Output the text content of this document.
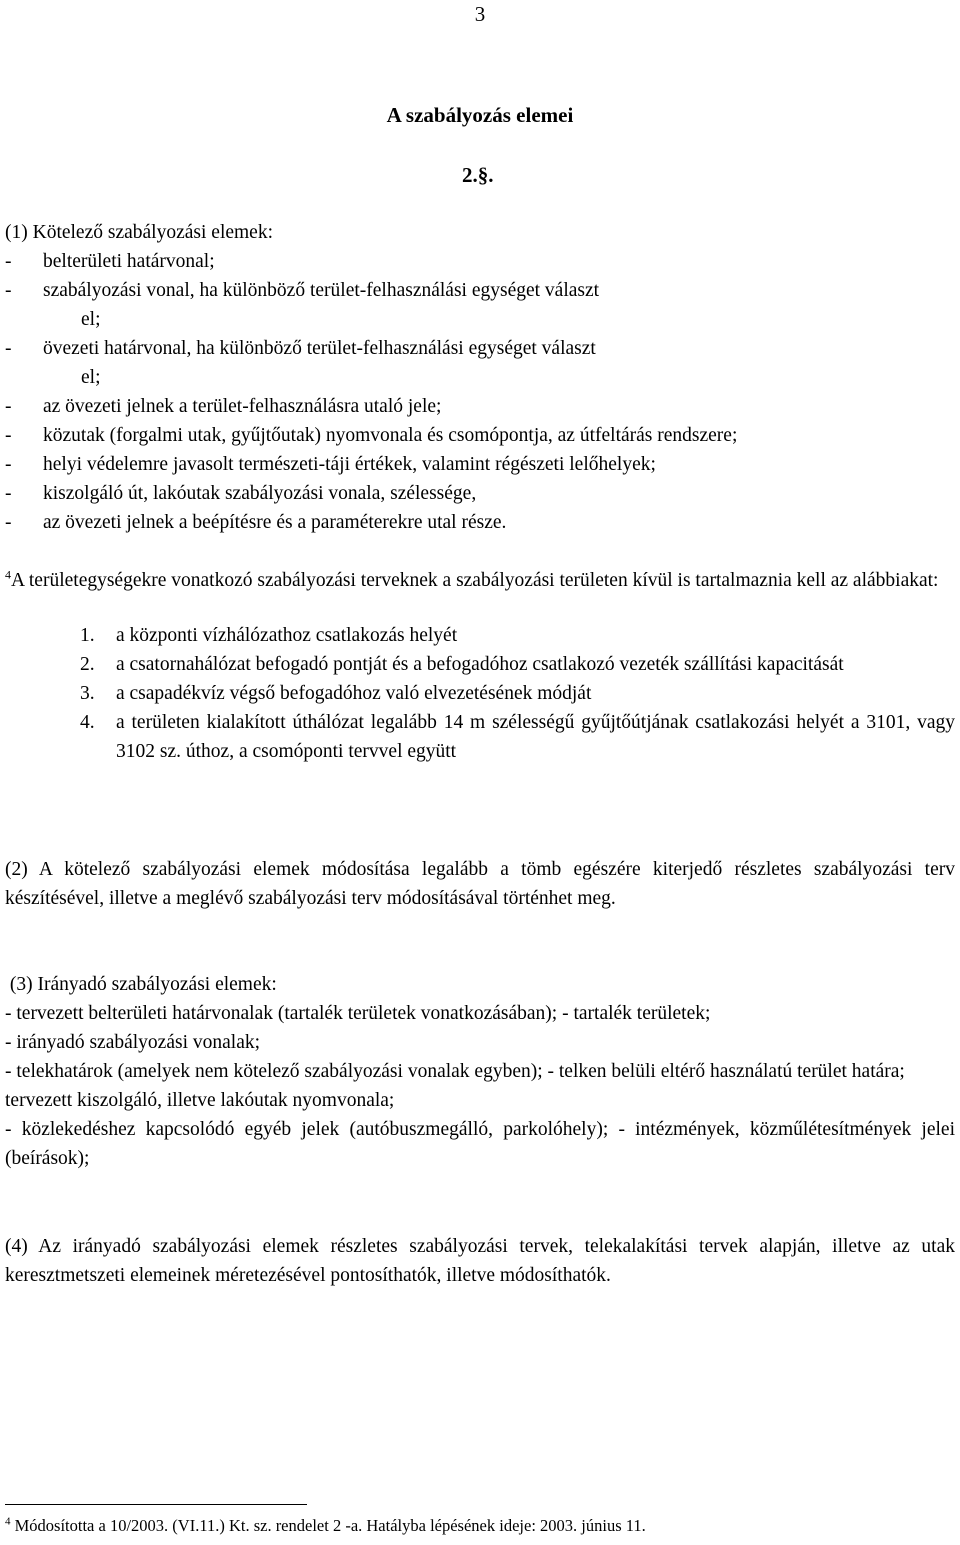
3
A szabályozás elemei
2.§.
(1) Kötelező szabályozási elemek:
-	belterületi határvonal;
-	szabályozási vonal, ha különböző terület-felhasználási egységet választ
el;
-	övezeti határvonal, ha különböző terület-felhasználási egységet választ
el;
-	az övezeti jelnek a terület-felhasználásra utaló jele;
-	közutak (forgalmi utak, gyűjtőutak) nyomvonala és csomópontja, az útfeltárás rendszere;
-	helyi védelemre javasolt természeti-táji értékek, valamint régészeti lelőhelyek;
-	kiszolgáló út, lakóutak szabályozási vonala, szélessége,
-	az övezeti jelnek a beépítésre és a paraméterekre utal része.
$^4$A területegységekre vonatkozó szabályozási terveknek a szabályozási területen kívül is tartalmaznia kell az alábbiakat:
1.	a központi vízhálózathoz csatlakozás helyét
2.	a csatornahálózat befogadó pontját és a befogadóhoz csatlakozó vezeték szállítási kapacitását
3.	a csapadékvíz végső befogadóhoz való elvezetésének módját
4.	a területen kialakított úthálózat legalább 14 m szélességű gyűjtőútjának csatlakozási helyét a 3101, vagy 3102 sz. úthoz, a csomóponti tervvel együtt
(2) A kötelező szabályozási elemek módosítása legalább a tömb egészére kiterjedő részletes szabályozási terv készítésével, illetve a meglévő szabályozási terv módosításával történhet meg.
(3) Irányadó szabályozási elemek:
- tervezett belterületi határvonalak (tartalék területek vonatkozásában); - tartalék területek;
- irányadó szabályozási vonalak;
- telekhatárok (amelyek nem kötelező szabályozási vonalak egyben); - telken belüli eltérő használatú terület határa;
tervezett kiszolgáló, illetve lakóutak nyomvonala;
- közlekedéshez kapcsolódó egyéb jelek (autóbuszmegálló, parkolóhely); - intézmények, közműlétesítmények jelei (beírások);
(4) Az irányadó szabályozási elemek részletes szabályozási tervek, telekalakítási tervek alapján, illetve az utak keresztmetszeti elemeinek méretezésével pontosíthatók, illetve módosíthatók.
$^4$ Módosította a 10/2003. (VI.11.) Kt. sz. rendelet 2 -a. Hatályba lépésének ideje: 2003. június 11.
